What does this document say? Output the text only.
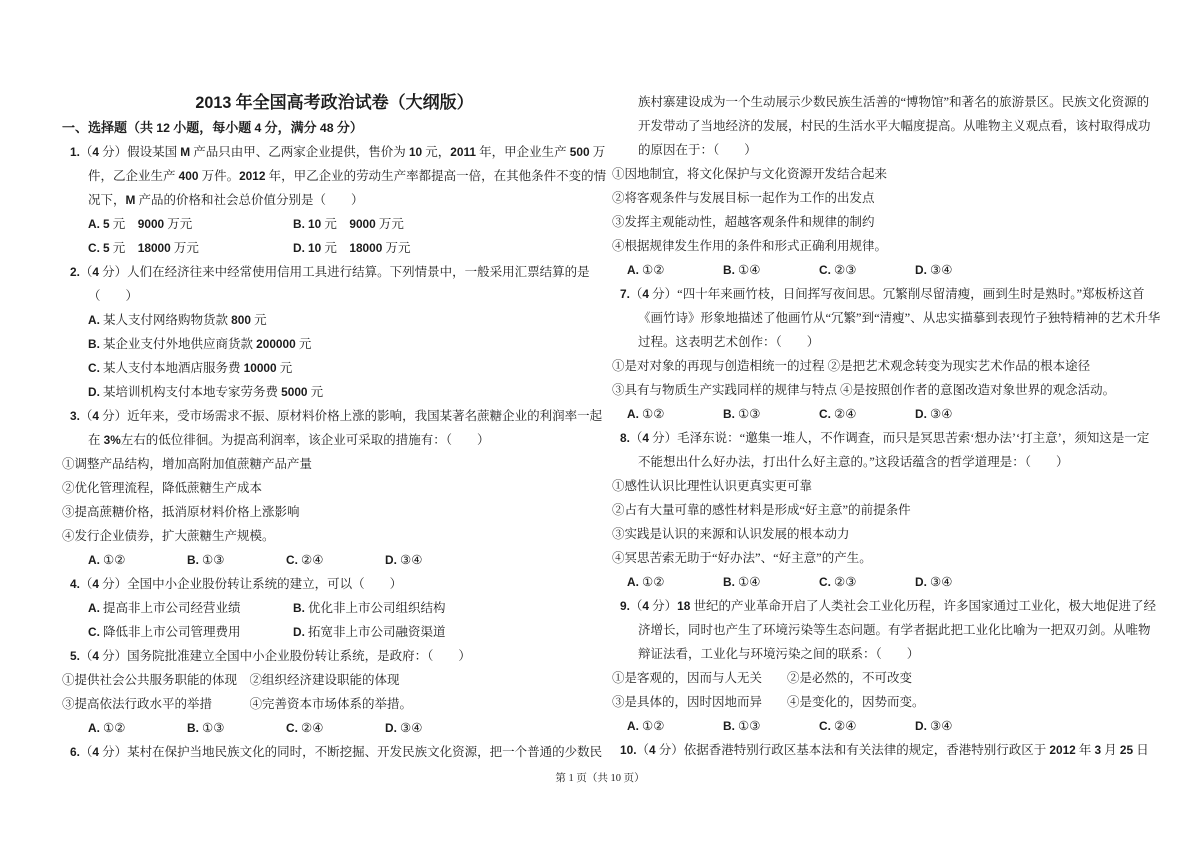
2013 年全国高考政治试卷（大纲版）
一、选择题（共 12 小题，每小题 4 分，满分 48 分）
1.（4 分）假设某国 M 产品只由甲、乙两家企业提供，售价为 10 元，2011 年，甲企业生产 500 万
件，乙企业生产 400 万件。2012 年，甲乙企业的劳动生产率都提高一倍，在其他条件不变的情
况下，M 产品的价格和社会总价值分别是（　　）
A. 5 元　9000 万元	B. 10 元　9000 万元
C. 5 元　18000 万元	D. 10 元　18000 万元
2.（4 分）人们在经济往来中经常使用信用工具进行结算。下列情景中，一般采用汇票结算的是
（　　）
A. 某人支付网络购物货款 800 元
B. 某企业支付外地供应商货款 200000 元
C. 某人支付本地酒店服务费 10000 元
D. 某培训机构支付本地专家劳务费 5000 元
3.（4 分）近年来，受市场需求不振、原材料价格上涨的影响，我国某著名蔗糖企业的利润率一起
在 3%左右的低位徘徊。为提高利润率，该企业可采取的措施有：（　　）
①调整产品结构，增加高附加值蔗糖产品产量
②优化管理流程，降低蔗糖生产成本
③提高蔗糖价格，抵消原材料价格上涨影响
④发行企业债券，扩大蔗糖生产规模。
A. ①②	B. ①③	C. ②④	D. ③④
4.（4 分）全国中小企业股份转让系统的建立，可以（　　）
A. 提高非上市公司经营业绩	B. 优化非上市公司组织结构
C. 降低非上市公司管理费用	D. 拓宽非上市公司融资渠道
5.（4 分）国务院批准建立全国中小企业股份转让系统，是政府：（　　）
①提供社会公共服务职能的体现　②组织经济建设职能的体现
③提高依法行政水平的举措　　　④完善资本市场体系的举措。
A. ①②	B. ①③	C. ②④	D. ③④
6.（4 分）某村在保护当地民族文化的同时，不断挖掘、开发民族文化资源，把一个普通的少数民
族村寨建设成为一个生动展示少数民族生活善的“博物馆”和著名的旅游景区。民族文化资源的
开发带动了当地经济的发展，村民的生活水平大幅度提高。从唯物主义观点看，该村取得成功
的原因在于：（　　）
①因地制宜，将文化保护与文化资源开发结合起来
②将客观条件与发展目标一起作为工作的出发点
③发挥主观能动性，超越客观条件和规律的制约
④根据规律发生作用的条件和形式正确利用规律。
A. ①②	B. ①④	C. ②③	D. ③④
7.（4 分）“四十年来画竹枝，日间挥写夜间思。冗繁削尽留清瘦，画到生时是熟时。”郑板桥这首
《画竹诗》形象地描述了他画竹从“冗繁”到“清瘦”、从忠实描摹到表现竹子独特精神的艺术升华
过程。这表明艺术创作：（　　）
①是对对象的再现与创造相统一的过程 ②是把艺术观念转变为现实艺术作品的根本途径
③具有与物质生产实践同样的规律与特点 ④是按照创作者的意图改造对象世界的观念活动。
A. ①②	B. ①③	C. ②④	D. ③④
8.（4 分）毛泽东说：“邀集一堆人，不作调查，而只是冥思苦索‘想办法’‘打主意’，须知这是一定
不能想出什么好办法，打出什么好主意的。”这段话蕴含的哲学道理是：（　　）
①感性认识比理性认识更真实更可靠
②占有大量可靠的感性材料是形成“好主意”的前提条件
③实践是认识的来源和认识发展的根本动力
④冥思苦索无助于“好办法”、“好主意”的产生。
A. ①②	B. ①④	C. ②③	D. ③④
9.（4 分）18 世纪的产业革命开启了人类社会工业化历程，许多国家通过工业化，极大地促进了经
济增长，同时也产生了环境污染等生态问题。有学者据此把工业化比喻为一把双刃剑。从唯物
辩证法看，工业化与环境污染之间的联系：（　　）
①是客观的，因而与人无关　　②是必然的，不可改变
③是具体的，因时因地而异　　④是变化的，因势而变。
A. ①②	B. ①③	C. ②④	D. ③④
10.（4 分）依据香港特别行政区基本法和有关法律的规定，香港特别行政区于 2012 年 3 月 25 日
第 1 页（共 10 页）
